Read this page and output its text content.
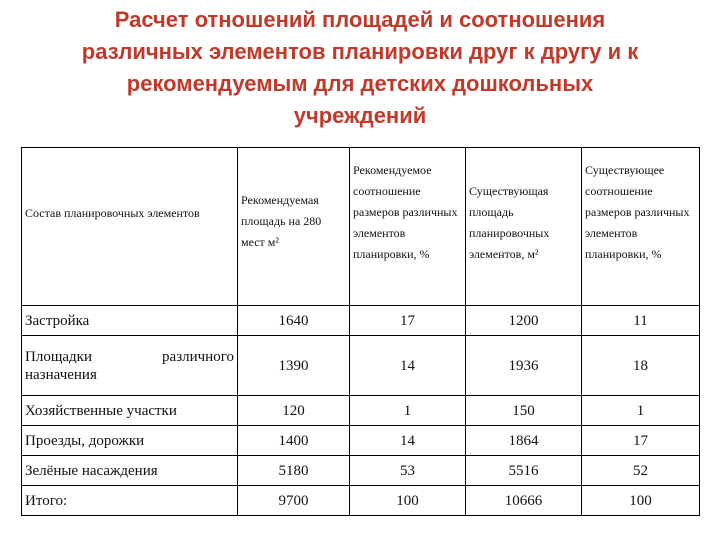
Расчет отношений площадей и соотношения различных элементов планировки друг к другу и к рекомендуемым для детских дошкольных учреждений
Состав планировочных элементов	Рекомендуемая площадь на 280 мест м²	Рекомендуемое соотношение размеров различных элементов планировки, %	Существующая площадь планировочных элементов, м²	Существующее соотношение размеров различных элементов планировки, %
Застройка	1640	17	1200	11

Площадки различного
назначения	1390	14	1936	18
Хозяйственные участки	120	1	150	1
Проезды, дорожки	1400	14	1864	17
Зелёные насаждения	5180	53	5516	52
Итого:	9700	100	10666	100
